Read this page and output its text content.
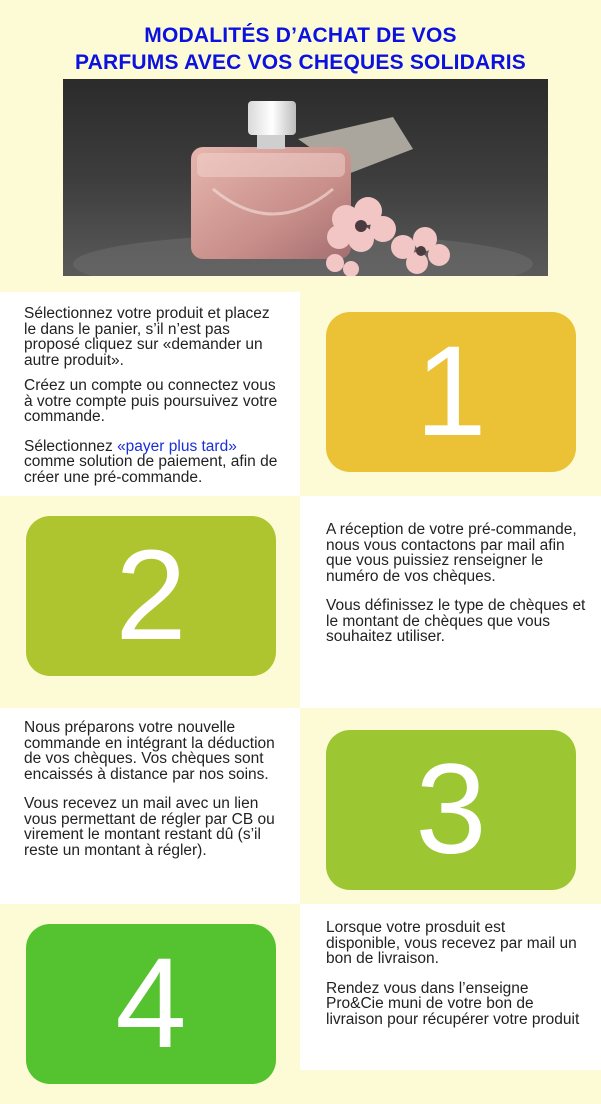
MODALITÉS D’ACHAT DE VOS
PARFUMS AVEC VOS CHEQUES SOLIDARIS

Sélectionnez votre produit et placez le dans le panier, s’il n’est pas proposé cliquez sur «demander un autre produit».

Créez un compte ou connectez vous à votre compte puis poursuivez votre commande.

Sélectionnez «payer plus tard» comme solution de paiement, afin de créer une pré-commande.

1

A réception de votre pré-commande, nous vous contactons par mail afin que vous puissiez renseigner le numéro de vos chèques.

Vous définissez le type de chèques et le montant de chèques que vous souhaitez utiliser.

2

Nous préparons votre nouvelle commande en intégrant la déduction de vos chèques. Vos chèques sont encaissés à distance par nos soins.

Vous recevez un mail avec un lien vous permettant de régler par CB ou virement le montant restant dû (s’il reste un montant à régler).	3

Lorsque votre prosduit est disponible, vous recevez par mail un bon de livraison.

Rendez vous dans l’enseigne Pro&Cie muni de votre bon de livraison pour récupérer votre produit

4
